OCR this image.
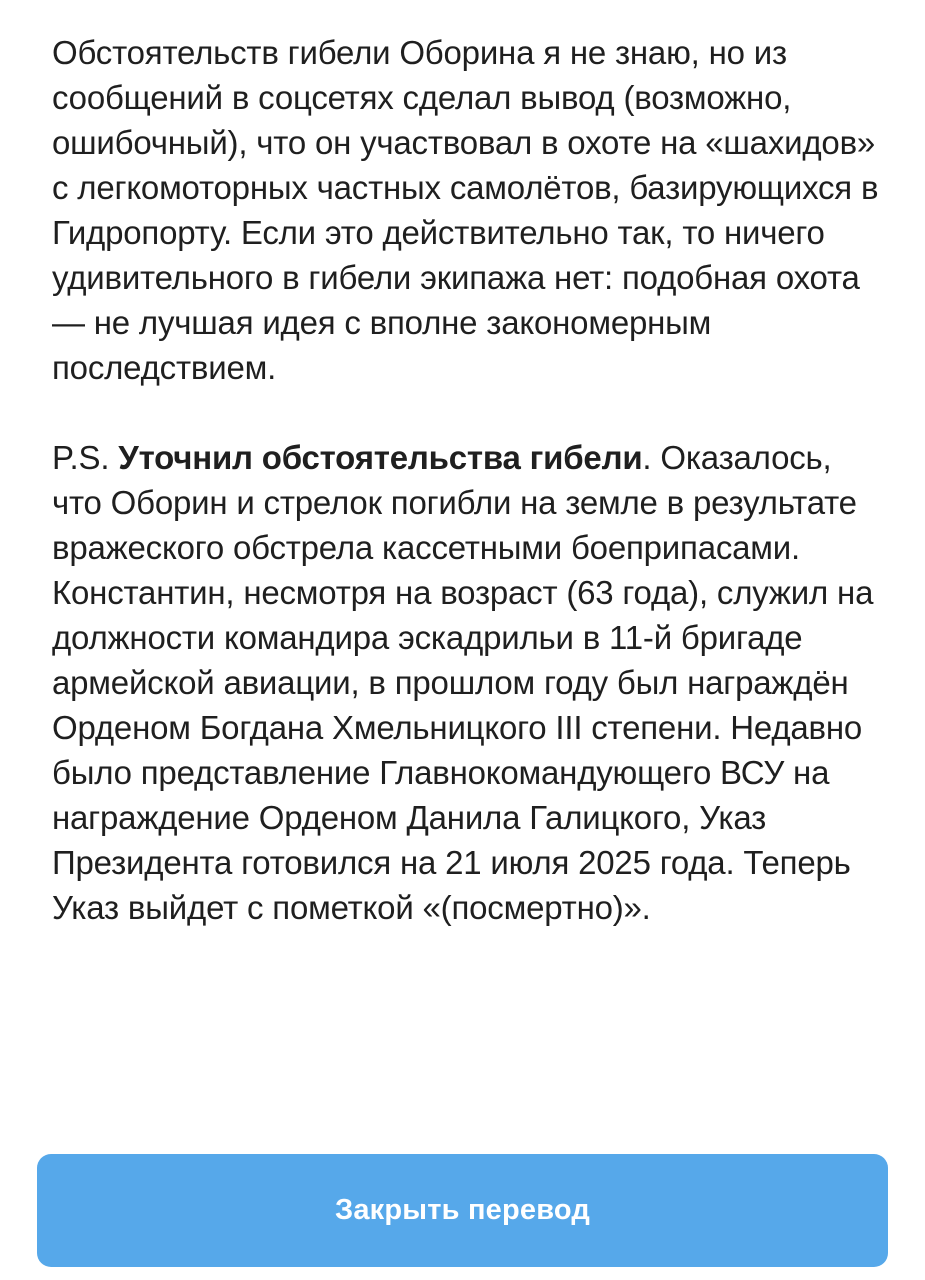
Обстоятельств гибели Оборина я не знаю, но из сообщений в соцсетях сделал вывод (возможно, ошибочный), что он участвовал в охоте на «шахидов» с легкомоторных частных самолётов, базирующихся в Гидропорту. Если это действительно так, то ничего удивительного в гибели экипажа нет: подобная охота — не лучшая идея с вполне закономерным последствием.

P.S. Уточнил обстоятельства гибели. Оказалось, что Оборин и стрелок погибли на земле в результате вражеского обстрела кассетными боеприпасами. Константин, несмотря на возраст (63 года), служил на должности командира эскадрильи в 11-й бригаде армейской авиации, в прошлом году был награждён Орденом Богдана Хмельницкого III степени. Недавно было представление Главнокомандующего ВСУ на награждение Орденом Данила Галицкого, Указ Президента готовился на 21 июля 2025 года. Теперь Указ выйдет с пометкой «(посмертно)».

Закрыть перевод
